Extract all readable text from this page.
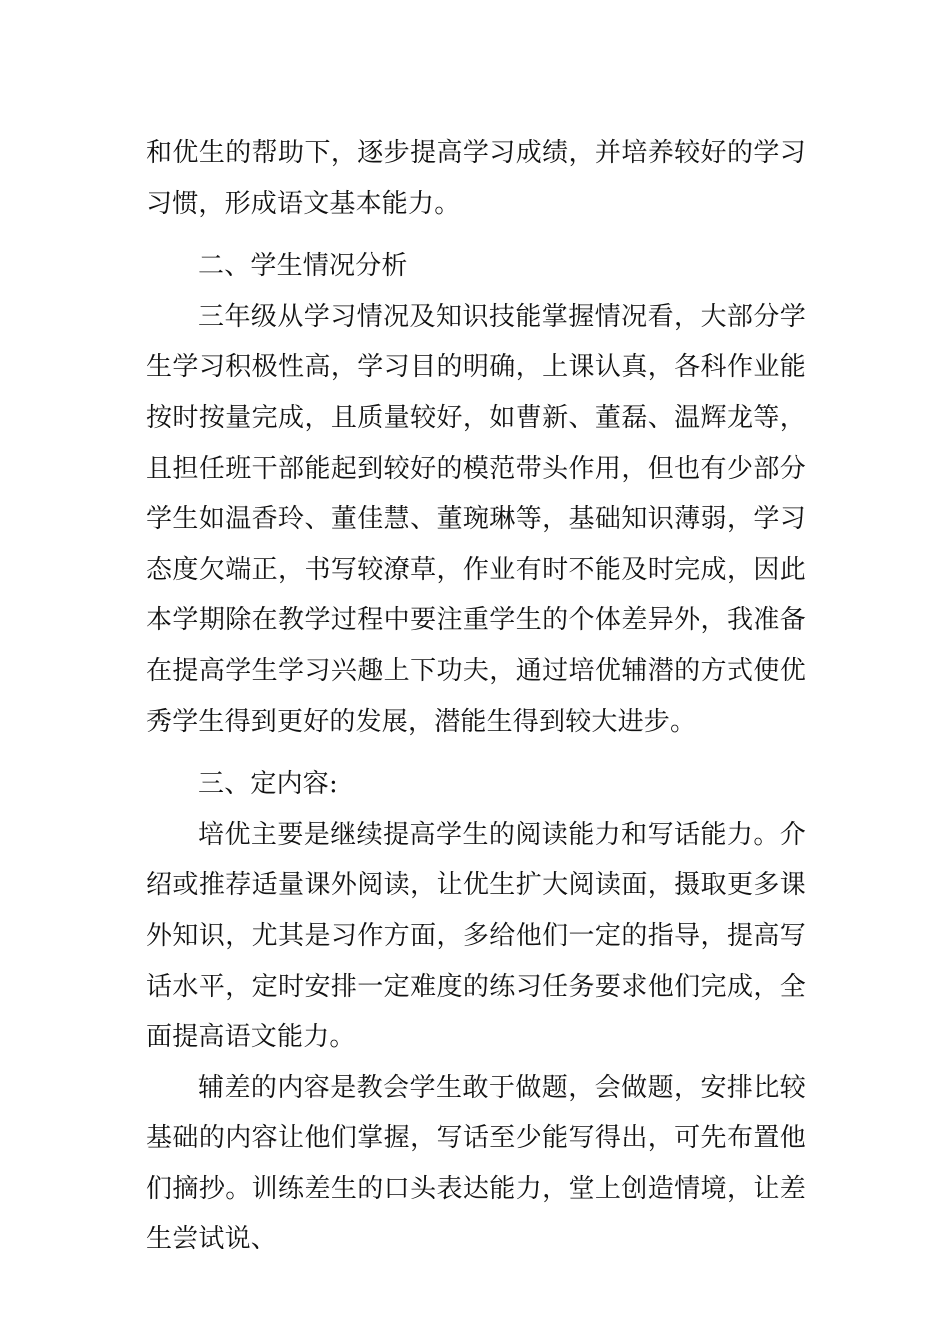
和优生的帮助下，逐步提高学习成绩，并培养较好的学习习惯，形成语文基本能力。

二、学生情况分析

三年级从学习情况及知识技能掌握情况看，大部分学生学习积极性高，学习目的明确，上课认真，各科作业能按时按量完成，且质量较好，如曹新、董磊、温辉龙等，且担任班干部能起到较好的模范带头作用，但也有少部分学生如温香玲、董佳慧、董琬琳等，基础知识薄弱，学习态度欠端正，书写较潦草，作业有时不能及时完成，因此本学期除在教学过程中要注重学生的个体差异外，我准备在提高学生学习兴趣上下功夫，通过培优辅潜的方式使优秀学生得到更好的发展，潜能生得到较大进步。

三、定内容:

培优主要是继续提高学生的阅读能力和写话能力。介绍或推荐适量课外阅读，让优生扩大阅读面，摄取更多课外知识，尤其是习作方面，多给他们一定的指导，提高写话水平，定时安排一定难度的练习任务要求他们完成，全面提高语文能力。

辅差的内容是教会学生敢于做题，会做题，安排比较基础的内容让他们掌握，写话至少能写得出，可先布置他们摘抄。训练差生的口头表达能力，堂上创造情境，让差生尝试说、
